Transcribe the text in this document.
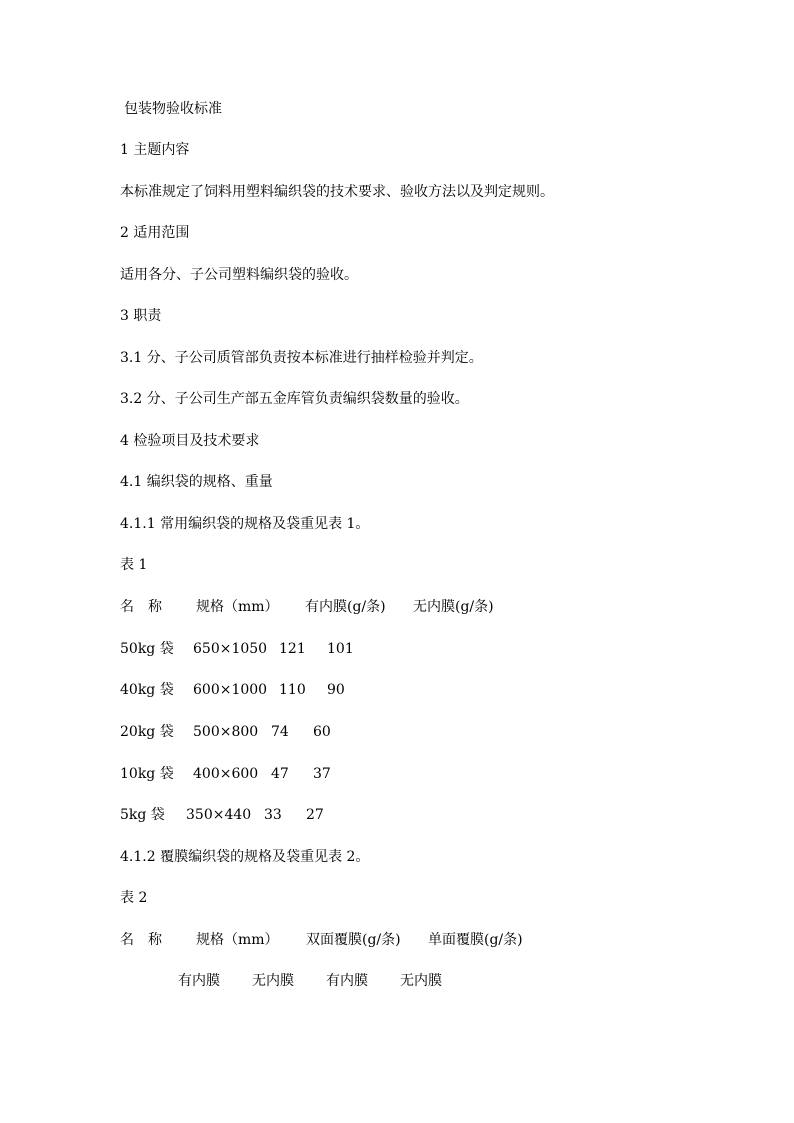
包装物验收标准
1 主题内容
本标准规定了饲料用塑料编织袋的技术要求、验收方法以及判定规则。
2 适用范围
适用各分、子公司塑料编织袋的验收。
3 职责
3.1 分、子公司质管部负责按本标准进行抽样检验并判定。
3.2 分、子公司生产部五金库管负责编织袋数量的验收。
4 检验项目及技术要求
4.1 编织袋的规格、重量
4.1.1 常用编织袋的规格及袋重见表 1。
表 1
名　称 规格（mm） 有内膜(g/条) 无内膜(g/条)
50kg 袋 650×1050 121 101
40kg 袋 600×1000 110 90
20kg 袋 500×800 74 60
10kg 袋 400×600 47 37
5kg 袋 350×440 33 27
4.1.2 覆膜编织袋的规格及袋重见表 2。
表 2
名　称 规格（mm） 双面覆膜(g/条) 单面覆膜(g/条)
有内膜 无内膜 有内膜 无内膜
